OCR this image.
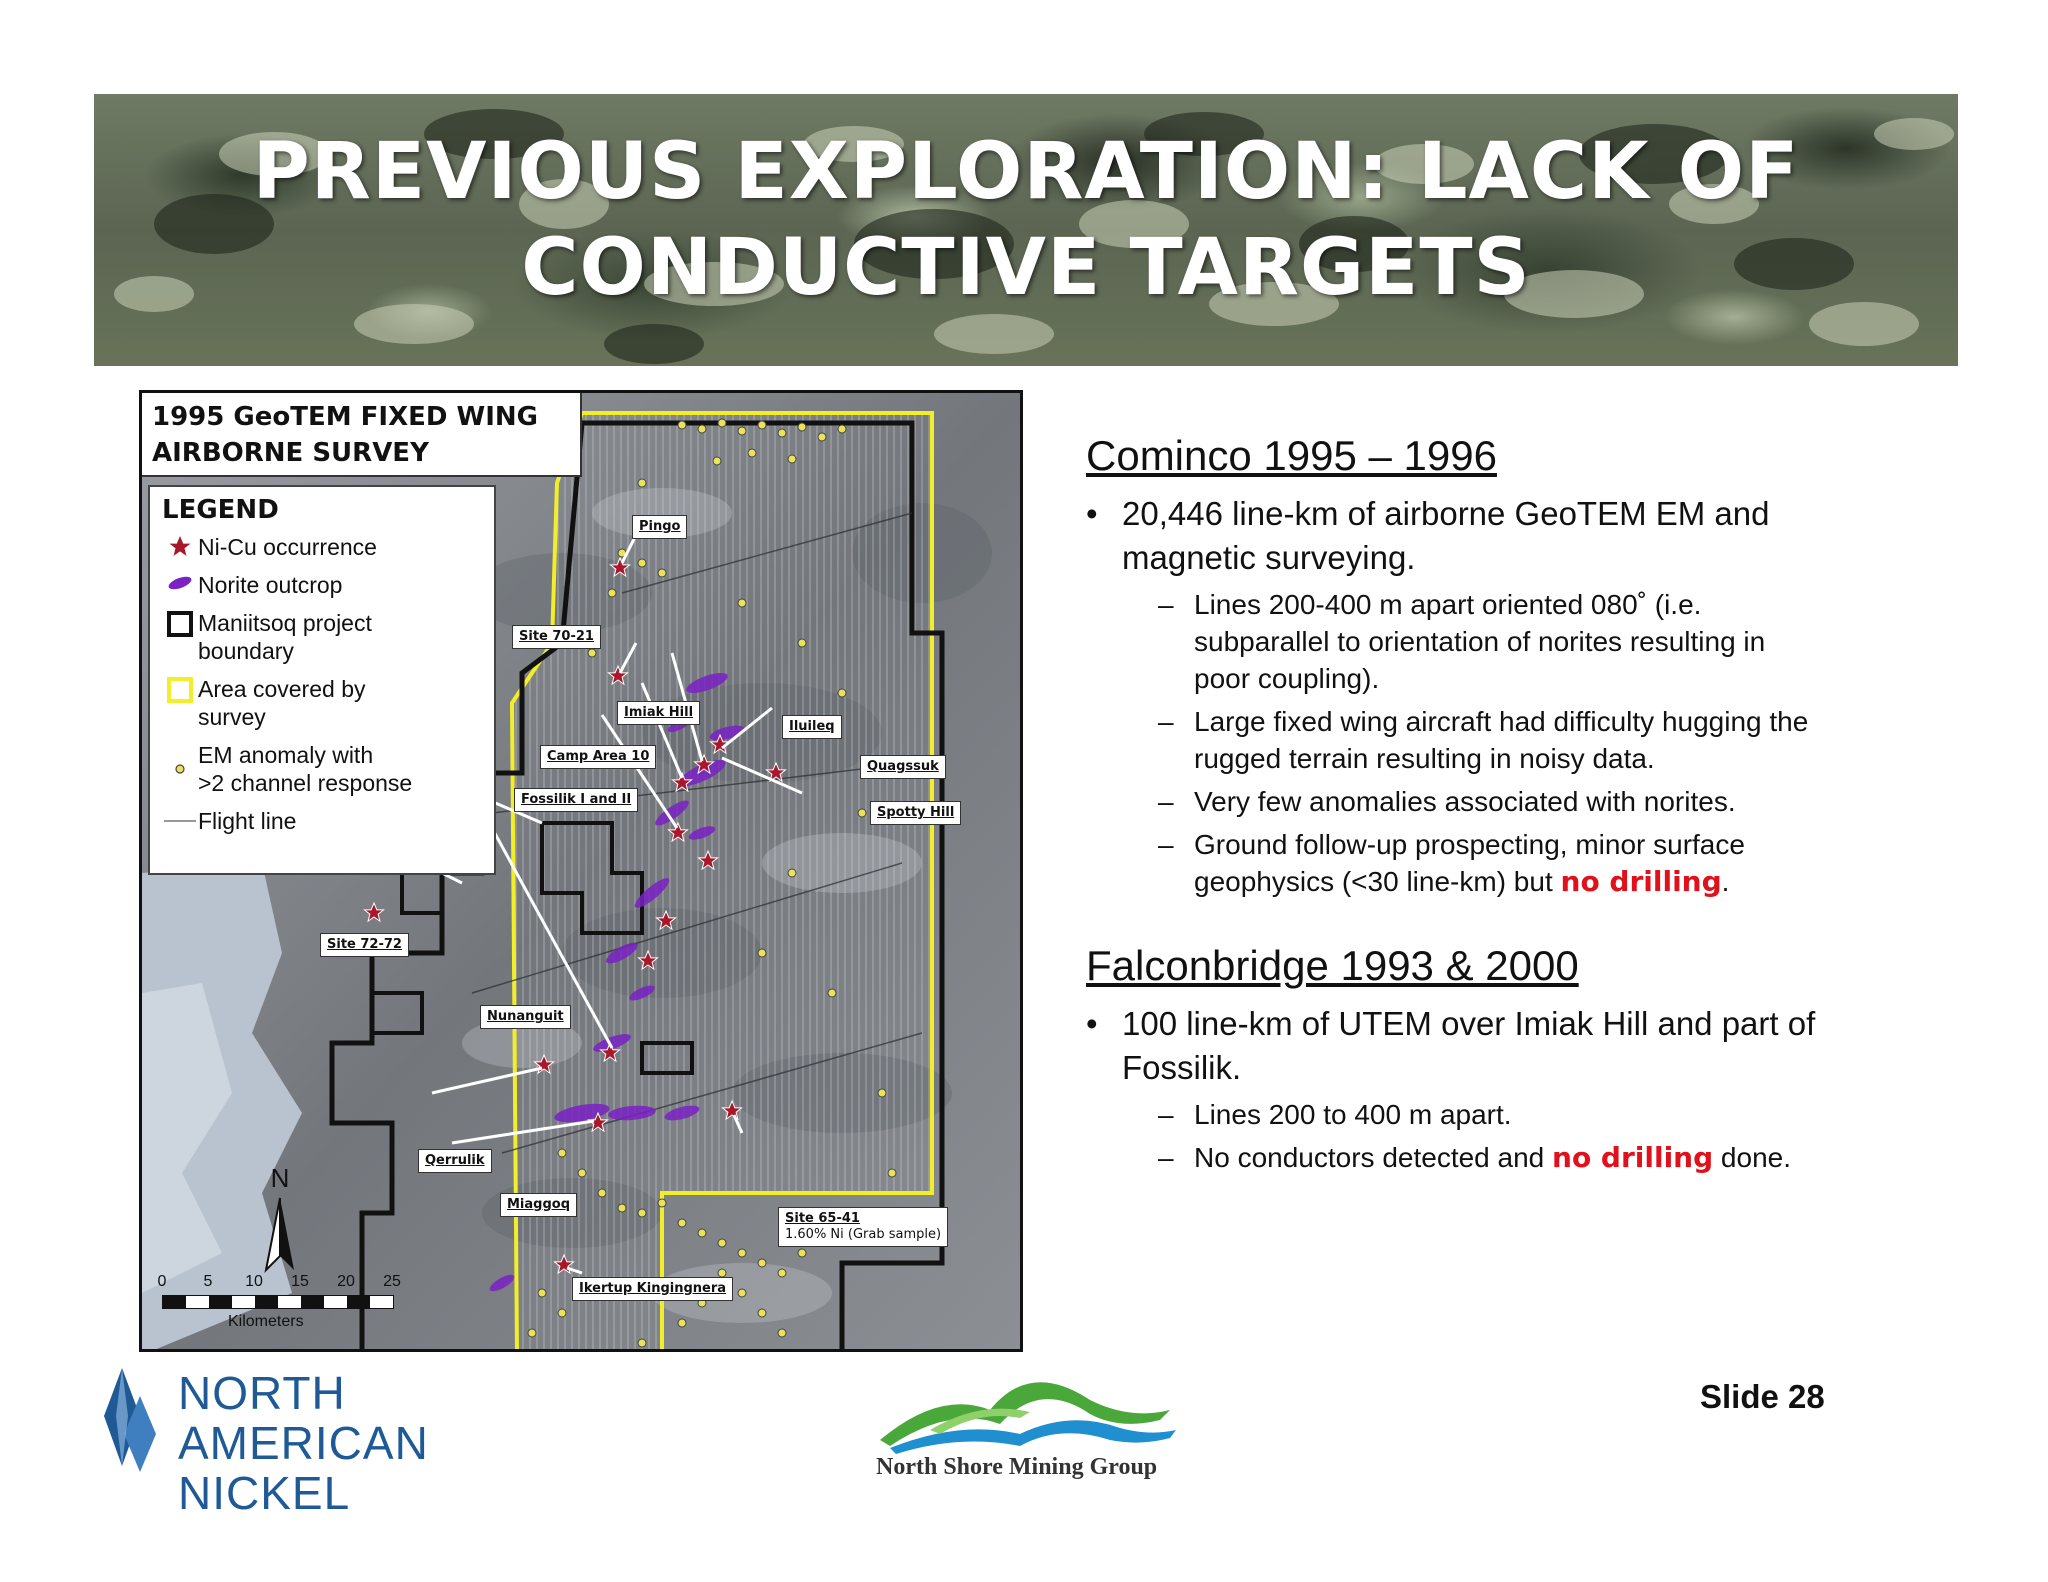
PREVIOUS EXPLORATION: LACK OF
CONDUCTIVE TARGETS
1995 GeoTEM FIXED WING
AIRBORNE SURVEY
LEGEND
Ni-Cu occurrence
Norite outcrop
Maniitsoq project
boundary
Area covered by
survey
EM anomaly with
>2 channel response
Flight line
Pingo
Site 70-21
Imiak Hill
Iluileq
Camp Area 10
Quagssuk
Fossilik I and II
Spotty Hill
Site 72-72
Nunanguit
Qerrulik
Miaggoq
Site 65-41
1.60% Ni (Grab sample)
Ikertup Kingingnera
N
0 5 10 15 20 25
Kilometers
Cominco 1995 – 1996
• 20,446 line-km of airborne GeoTEM EM and
magnetic surveying.
– Lines 200-400 m apart oriented 080˚ (i.e.
subparallel to orientation of norites resulting in
poor coupling).
– Large fixed wing aircraft had difficulty hugging the
rugged terrain resulting in noisy data.
– Very few anomalies associated with norites.
– Ground follow-up prospecting, minor surface
geophysics (<30 line-km) but no drilling.
Falconbridge 1993 & 2000
• 100 line-km of UTEM over Imiak Hill and part of
Fossilik.
– Lines 200 to 400 m apart.
– No conductors detected and no drilling done.
Slide 28
NORTH
AMERICAN NICKEL	North Shore Mining Group
